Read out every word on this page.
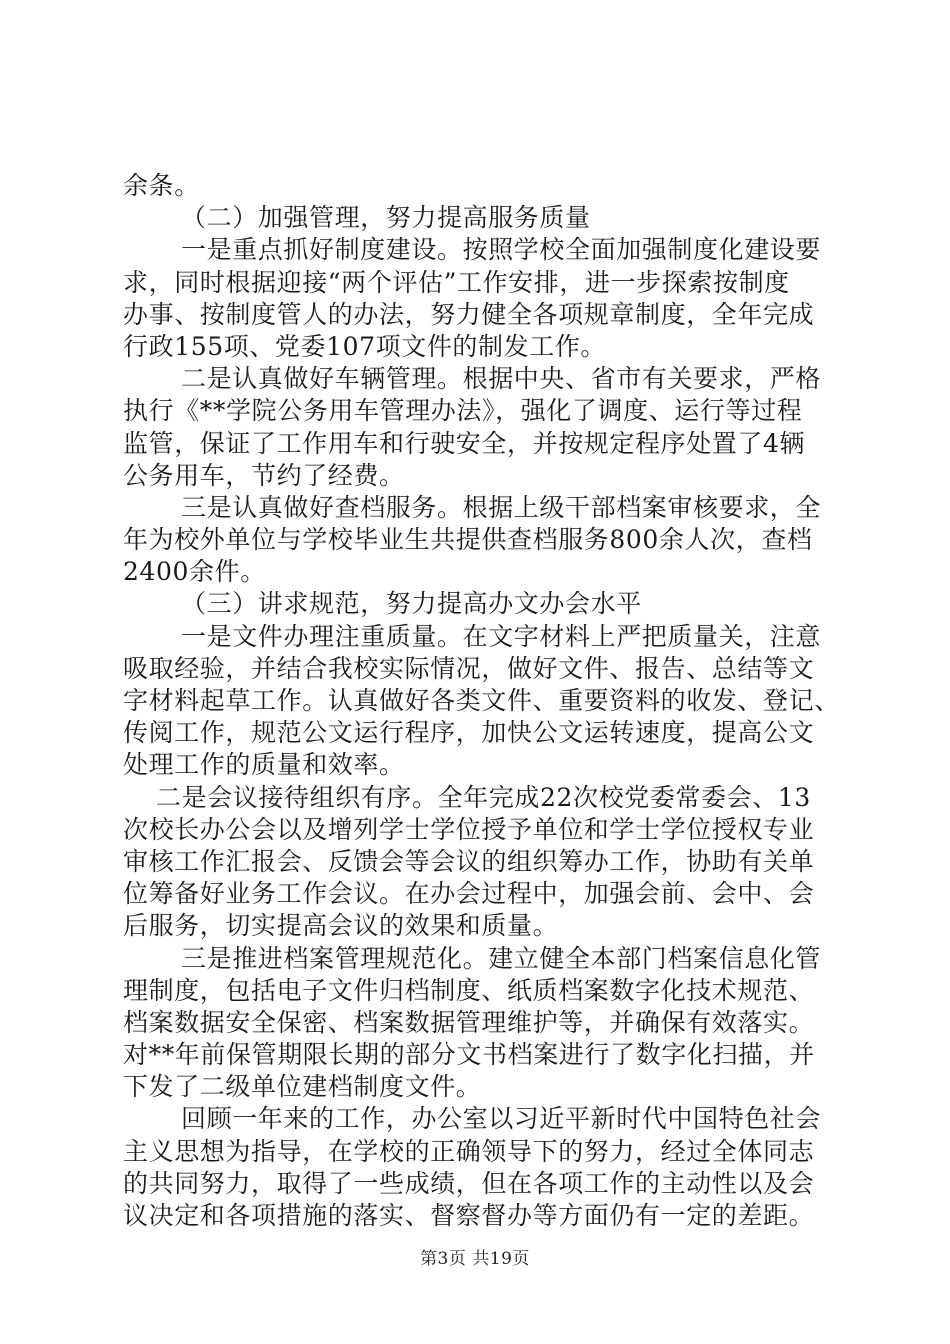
余条。
（二）加强管理，努力提高服务质量
一是重点抓好制度建设。按照学校全面加强制度化建设要
求，同时根据迎接“两个评估”工作安排，进一步探索按制度
办事、按制度管人的办法，努力健全各项规章制度，全年完成
行政155项、党委107项文件的制发工作。
二是认真做好车辆管理。根据中央、省市有关要求，严格
执行《**学院公务用车管理办法》，强化了调度、运行等过程
监管，保证了工作用车和行驶安全，并按规定程序处置了4辆
公务用车，节约了经费。
三是认真做好查档服务。根据上级干部档案审核要求，全
年为校外单位与学校毕业生共提供查档服务800余人次，查档
2400余件。
（三）讲求规范，努力提高办文办会水平
一是文件办理注重质量。在文字材料上严把质量关，注意
吸取经验，并结合我校实际情况，做好文件、报告、总结等文
字材料起草工作。认真做好各类文件、重要资料的收发、登记、
传阅工作，规范公文运行程序，加快公文运转速度，提高公文
处理工作的质量和效率。
二是会议接待组织有序。全年完成22次校党委常委会、13
次校长办公会以及增列学士学位授予单位和学士学位授权专业
审核工作汇报会、反馈会等会议的组织筹办工作，协助有关单
位筹备好业务工作会议。在办会过程中，加强会前、会中、会
后服务，切实提高会议的效果和质量。
三是推进档案管理规范化。建立健全本部门档案信息化管
理制度，包括电子文件归档制度、纸质档案数字化技术规范、
档案数据安全保密、档案数据管理维护等，并确保有效落实。
对**年前保管期限长期的部分文书档案进行了数字化扫描，并
下发了二级单位建档制度文件。
回顾一年来的工作，办公室以习近平新时代中国特色社会
主义思想为指导，在学校的正确领导下的努力，经过全体同志
的共同努力，取得了一些成绩，但在各项工作的主动性以及会
议决定和各项措施的落实、督察督办等方面仍有一定的差距。
第3页 共19页
